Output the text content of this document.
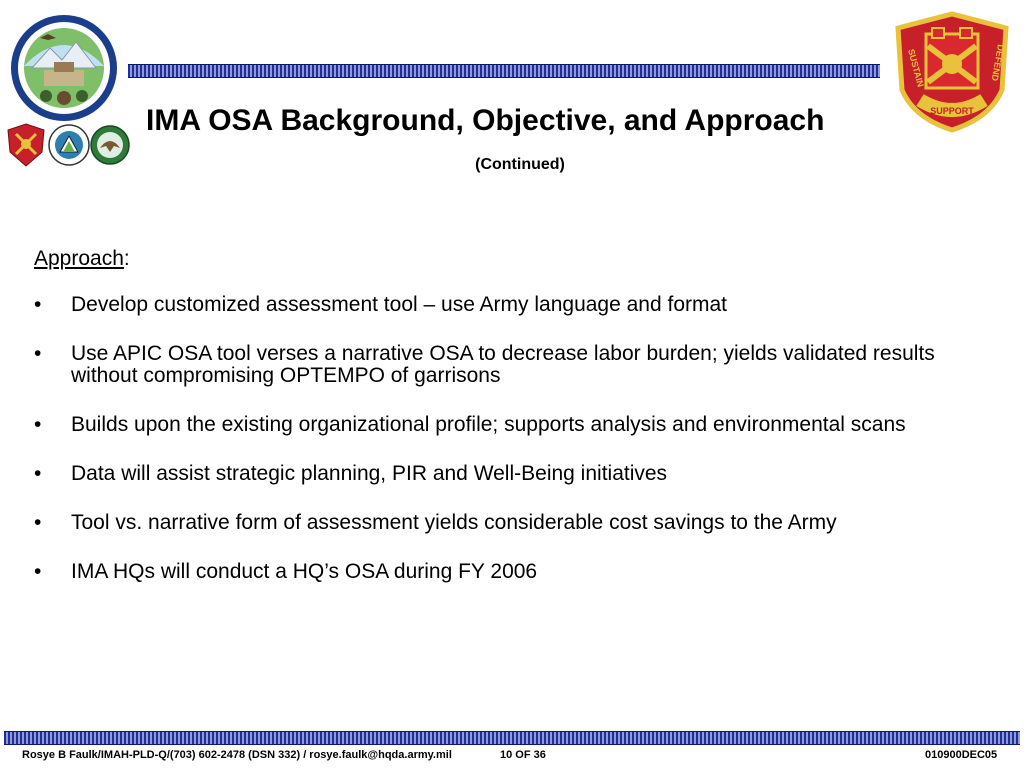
SUPPORT
SUSTAIN	DEFEND
IMA OSA Background, Objective, and Approach
(Continued)
Approach:
• Develop customized assessment tool – use Army language and format
• Use APIC OSA tool verses a narrative OSA to decrease labor burden; yields validated results without compromising OPTEMPO of garrisons
• Builds upon the existing organizational profile; supports analysis and environmental scans
• Data will assist strategic planning, PIR and Well-Being initiatives
• Tool vs. narrative form of assessment yields considerable cost savings to the Army
• IMA HQs will conduct a HQ’s OSA during FY 2006
Rosye B Faulk/IMAH-PLD-Q/(703) 602-2478 (DSN 332) / rosye.faulk@hqda.army.mil	10 OF 36	010900DEC05
